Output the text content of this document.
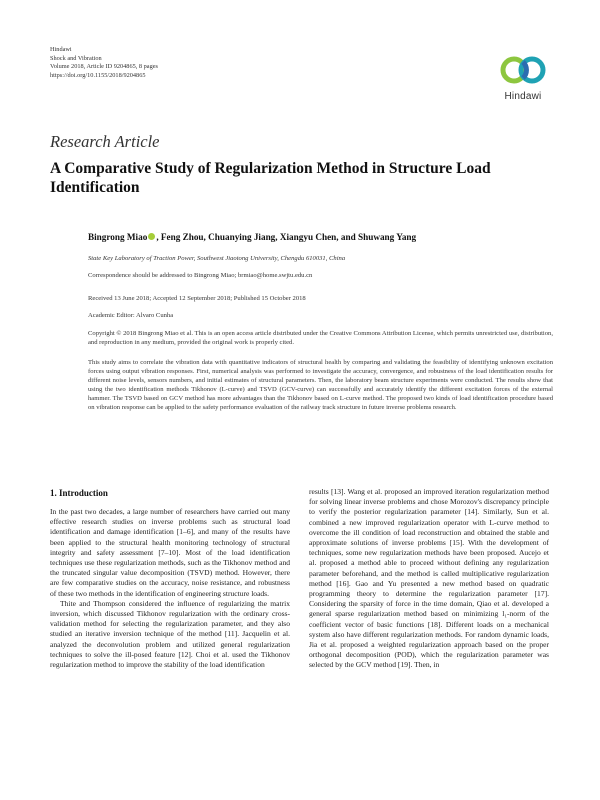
Hindawi
Shock and Vibration
Volume 2018, Article ID 9204865, 8 pages
https://doi.org/10.1155/2018/9204865
Hindawi
Research Article
A Comparative Study of Regularization Method in Structure Load Identification
Bingrong Miao , Feng Zhou, Chuanying Jiang, Xiangyu Chen, and Shuwang Yang
State Key Laboratory of Traction Power, Southwest Jiaotong University, Chengdu 610031, China
Correspondence should be addressed to Bingrong Miao; brmiao@home.swjtu.edu.cn
Received 13 June 2018; Accepted 12 September 2018; Published 15 October 2018
Academic Editor: Alvaro Cunha
Copyright © 2018 Bingrong Miao et al. This is an open access article distributed under the Creative Commons Attribution License, which permits unrestricted use, distribution, and reproduction in any medium, provided the original work is properly cited.
This study aims to correlate the vibration data with quantitative indicators of structural health by comparing and validating the feasibility of identifying unknown excitation forces using output vibration responses. First, numerical analysis was performed to investigate the accuracy, convergence, and robustness of the load identification results for different noise levels, sensors numbers, and initial estimates of structural parameters. Then, the laboratory beam structure experiments were conducted. The results show that using the two identification methods Tikhonov (L-curve) and TSVD (GCV-curve) can successfully and accurately identify the different excitation forces of the external hammer. The TSVD based on GCV method has more advantages than the Tikhonov based on L-curve method. The proposed two kinds of load identification procedure based on vibration response can be applied to the safety performance evaluation of the railway track structure in future inverse problems research.
1. Introduction

In the past two decades, a large number of researchers have carried out many effective research studies on inverse problems such as structural load identification and damage identification [1–6], and many of the results have been applied to the structural health monitoring technology of structural integrity and safety assessment [7–10]. Most of the load identification techniques use these regularization methods, such as the Tikhonov method and the truncated singular value decomposition (TSVD) method. However, there are few comparative studies on the accuracy, noise resistance, and robustness of these two methods in the identification of engineering structure loads.

Thite and Thompson considered the influence of regularizing the matrix inversion, which discussed Tikhonov regularization with the ordinary cross-validation method for selecting the regularization parameter, and they also studied an iterative inversion technique of the method [11]. Jacquelin et al. analyzed the deconvolution problem and utilized general regularization techniques to solve the ill-posed feature [12]. Choi et al. used the Tikhonov regularization method to improve the stability of the load identification

results [13]. Wang et al. proposed an improved iteration regularization method for solving linear inverse problems and chose Morozov's discrepancy principle to verify the posterior regularization parameter [14]. Similarly, Sun et al. combined a new improved regularization operator with L-curve method to overcome the ill condition of load reconstruction and obtained the stable and approximate solutions of inverse problems [15]. With the development of techniques, some new regularization methods have been proposed. Aucejo et al. proposed a method able to proceed without defining any regularization parameter beforehand, and the method is called multiplicative regularization method [16]. Gao and Yu presented a new method based on quadratic programming theory to determine the regularization parameter [17]. Considering the sparsity of force in the time domain, Qiao et al. developed a general sparse regularization method based on minimizing l₁-norm of the coefficient vector of basic functions [18]. Different loads on a mechanical system also have different regularization methods. For random dynamic loads, Jia et al. proposed a weighted regularization approach based on the proper orthogonal decomposition (POD), which the regularization parameter was selected by the GCV method [19]. Then, in
